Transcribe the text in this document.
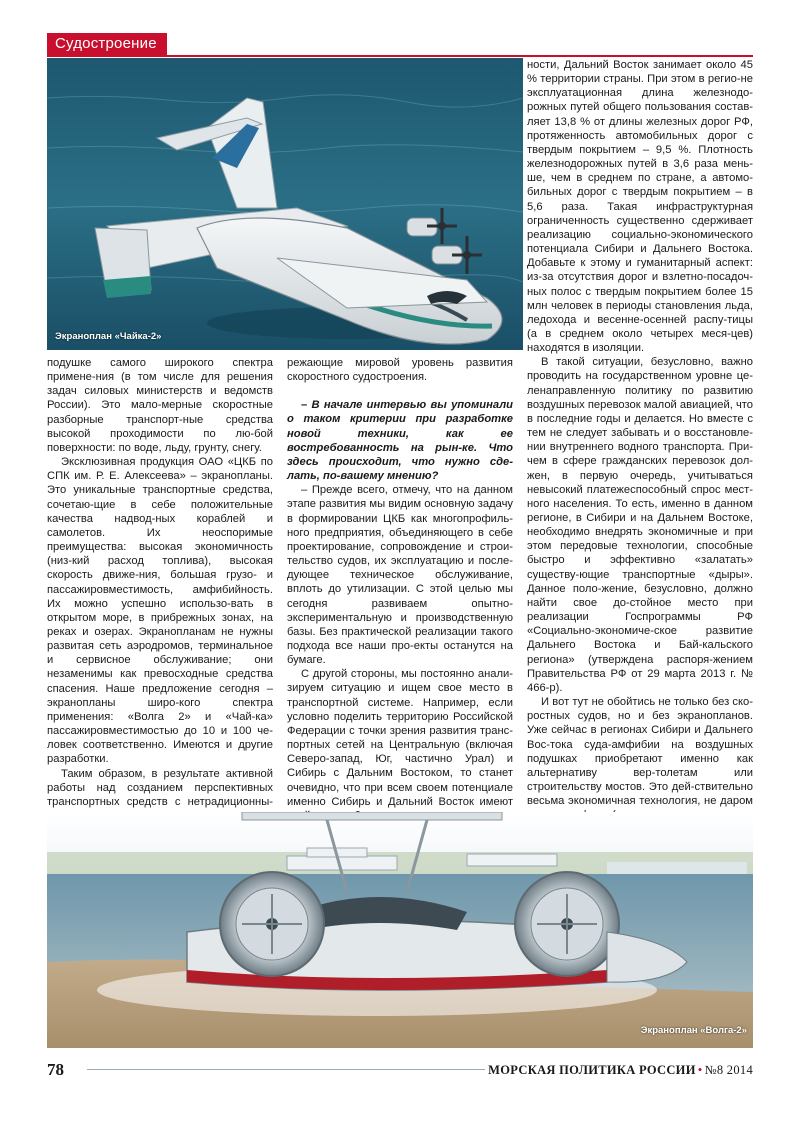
Судостроение
Экраноплан «Чайка-2»

подушке самого широкого спектра примене-ния (в том числе для решения задач силовых министерств и ведомств России). Это мало-мерные скоростные разборные транспорт-ные средства высокой проходимости по лю-бой поверхности: по воде, льду, грунту, снегу.

Эксклюзивная продукция ОАО «ЦКБ по СПК им. Р. Е. Алексеева» – экранопланы. Это уникальные транспортные средства, сочетаю-щие в себе положительные качества надвод-ных кораблей и самолетов. Их неоспоримые преимущества: высокая экономичность (низ-кий расход топлива), высокая скорость движе-ния, большая грузо- и пассажировместимость, амфибийность. Их можно успешно использо-вать в открытом море, в прибрежных зонах, на реках и озерах. Экранопланам не нужны развитая сеть аэродромов, терминальное и сервисное обслуживание; они незаменимы как превосходные средства спасения. Наше предложение сегодня – экранопланы широ-кого спектра применения: «Волга 2» и «Чай-ка» пассажировместимостью до 10 и 100 че-ловек соответственно. Имеются и другие разработки.

Таким образом, в результате активной работы над созданием перспективных транспортных средств с нетрадиционны-

режающие мировой уровень развития скоростного судостроения.

– В начале интервью вы упоминали о таком критерии при разработке новой техники, как ее востребованность на рын-ке. Что здесь происходит, что нужно сде-лать, по-вашему мнению?

– Прежде всего, отмечу, что на данном этапе развития мы видим основную задачу в формировании ЦКБ как многопрофиль-ного предприятия, объединяющего в себе проектирование, сопровождение и строи-тельство судов, их эксплуатацию и после-дующее техническое обслуживание, вплоть до утилизации. С этой целью мы сегодня развиваем опытно-экспериментальную и производственную базы. Без практической реализации такого подхода все наши про-екты останутся на бумаге.

С другой стороны, мы постоянно анали-зируем ситуацию и ищем свое место в транспортной системе. Например, если условно поделить территорию Российской Федерации с точки зрения развития транс-портных сетей на Центральную (включая Северо-запад, Юг, частично Урал) и Сибирь с Дальним Востоком, то станет очевидно, что при всем своем потенциале именно Сибирь и Дальний Восток имеют

ности, Дальний Восток занимает около 45 % территории страны. При этом в регио-не эксплуатационная длина железнодо-рожных путей общего пользования состав-ляет 13,8 % от длины железных дорог РФ, протяженность автомобильных дорог с твердым покрытием – 9,5 %. Плотность железнодорожных путей в 3,6 раза мень-ше, чем в среднем по стране, а автомо-бильных дорог с твердым покрытием – в 5,6 раза. Такая инфраструктурная ограниченность существенно сдерживает реализацию социально-экономического потенциала Сибири и Дальнего Востока. Добавьте к этому и гуманитарный аспект: из-за отсутствия дорог и взлетно-посадоч-ных полос с твердым покрытием более 15 млн человек в периоды становления льда, ледохода и весенне-осенней распу-тицы (а в среднем около четырех меся-цев) находятся в изоляции.

В такой ситуации, безусловно, важно проводить на государственном уровне це-ленаправленную политику по развитию воздушных перевозок малой авиацией, что в последние годы и делается. Но вместе с тем не следует забывать и о восстановле-нии внутреннего водного транспорта. При-чем в сфере гражданских перевозок дол-жен, в первую очередь, учитываться невысокий платежеспособный спрос мест-ного населения. То есть, именно в данном регионе, в Сибири и на Дальнем Востоке, необходимо внедрять экономичные и при этом передовые технологии, способные быстро и эффективно «залатать» существу-ющие транспортные «дыры». Данное поло-жение, безусловно, должно найти свое до-стойное место при реализации Госпрограммы РФ «Социально-экономиче-ское развитие Дальнего Востока и Бай-кальского региона» (утверждена распоря-жением Правительства РФ от 29 марта 2013 г. № 466-р).

И вот тут не обойтись не только без ско-ростных судов, но и без экранопланов. Уже сейчас в регионах Сибири и Дальнего Вос-тока суда-амфибии на воздушных подушках приобретают именно как альтернативу вер-толетам или строительству мостов. Это дей-ствительно весьма экономичная технология, не даром

Экраноплан «Волга-2»
78	МОРСКАЯ ПОЛИТИКА РОССИИ • №8 2014
